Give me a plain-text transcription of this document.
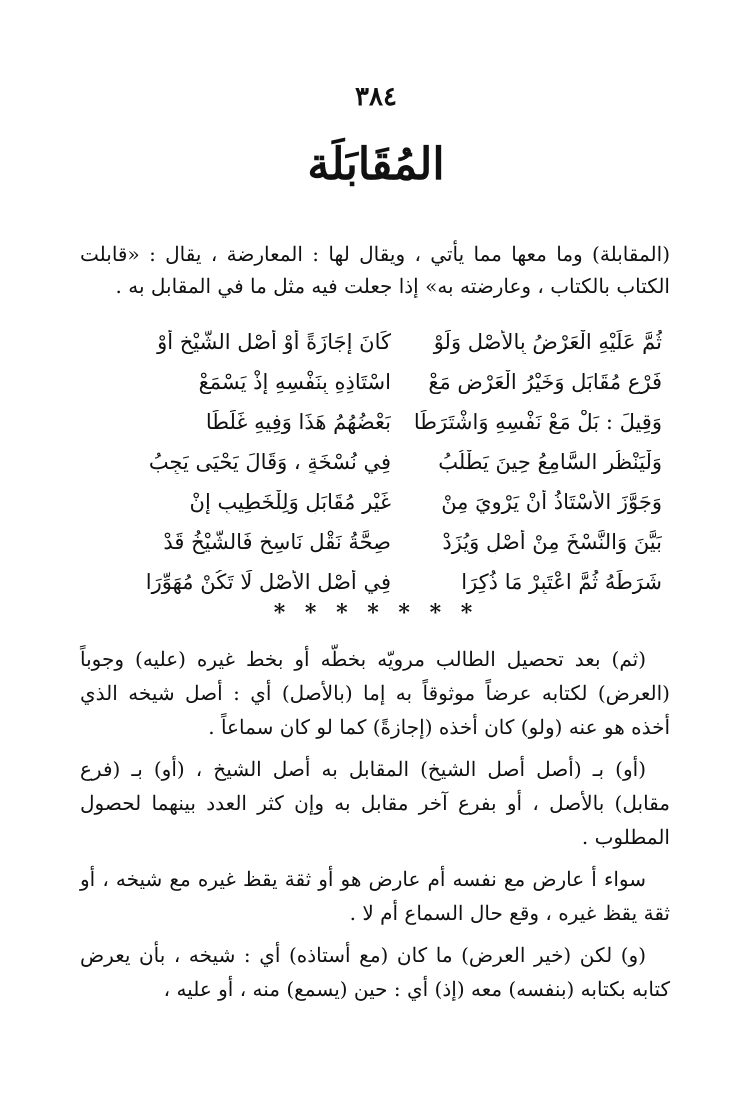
٣٨٤
المُقَابَلَة

(المقابلة) وما معها مما يأتي ، ويقال لها : المعارضة ، يقال : «قابلت الكتاب بالكتاب ، وعارضته به» إذا جعلت فيه مثل ما في المقابل به .

ثُمَّ عَلَيْهِ الْعَرْضُ بِالأَصْلِ وَلَوْ
كَانَ إِجَازَةً أَوْ أَصْلِ الشَّيْخِ أَوْ
فَرْعٍ مُقَابَلٍ وَخَيْرُ الْعَرْضِ مَعْ
اسْتَاذِهِ بِنَفْسِهِ إِذْ يَسْمَعْ
وَقِيلَ : بَلْ مَعْ نَفْسِهِ وَاشْتَرَطَا
بَعْضُهُمُ هَذَا وَفِيهِ غَلَطَا
وَلْيَنْظُرِ السَّامِعُ حِينَ يَطْلُبُ
فِي نُسْخَةٍ ، وَقَالَ يَحْيَى يَجِبُ
وَجَوَّزَ الأُسْتَاذُ أَنْ يَرْوِيَ مِنْ
غَيْرِ مُقَابَلٍ وَلِلْخَطِيبِ إِنْ
بَيَّنَ وَالنَّسْخَ مِنْ أَصْلٍ وَيُزَدْ
صِحَّةُ نَقْلِ نَاسِخٍ فَالشَّيْخُ قَدْ
شَرَطَهُ ثُمَّ اعْتَبِرْ مَا ذُكِرَا
فِي أَصْلِ الأَصْلِ لَا تَكُنْ مُهَوِّرَا
* * * * * * *

(ثم) بعد تحصيل الطالب مرويّه بخطّه أو بخط غيره (عليه) وجوباً (العرض) لكتابه عرضاً موثوقاً به إما (بالأصل) أي : أصل شيخه الذي أخذه هو عنه (ولو) كان أخذه (إجازةً) كما لو كان سماعاً .

(أو) بـ (أصل أصل الشيخ) المقابل به أصل الشيخ ، (أو) بـ (فرع مقابل) بالأصل ، أو بفرع آخر مقابل به وإن كثر العدد بينهما لحصول المطلوب .

سواء أ عارض مع نفسه أم عارض هو أو ثقة يقظ غيره مع شيخه ، أو ثقة يقظ غيره ، وقع حال السماع أم لا .

(و) لكن (خير العرض) ما كان (مع أستاذه) أي : شيخه ، بأن يعرض كتابه بكتابه (بنفسه) معه (إذ) أي : حين (يسمع) منه ، أو عليه ،
